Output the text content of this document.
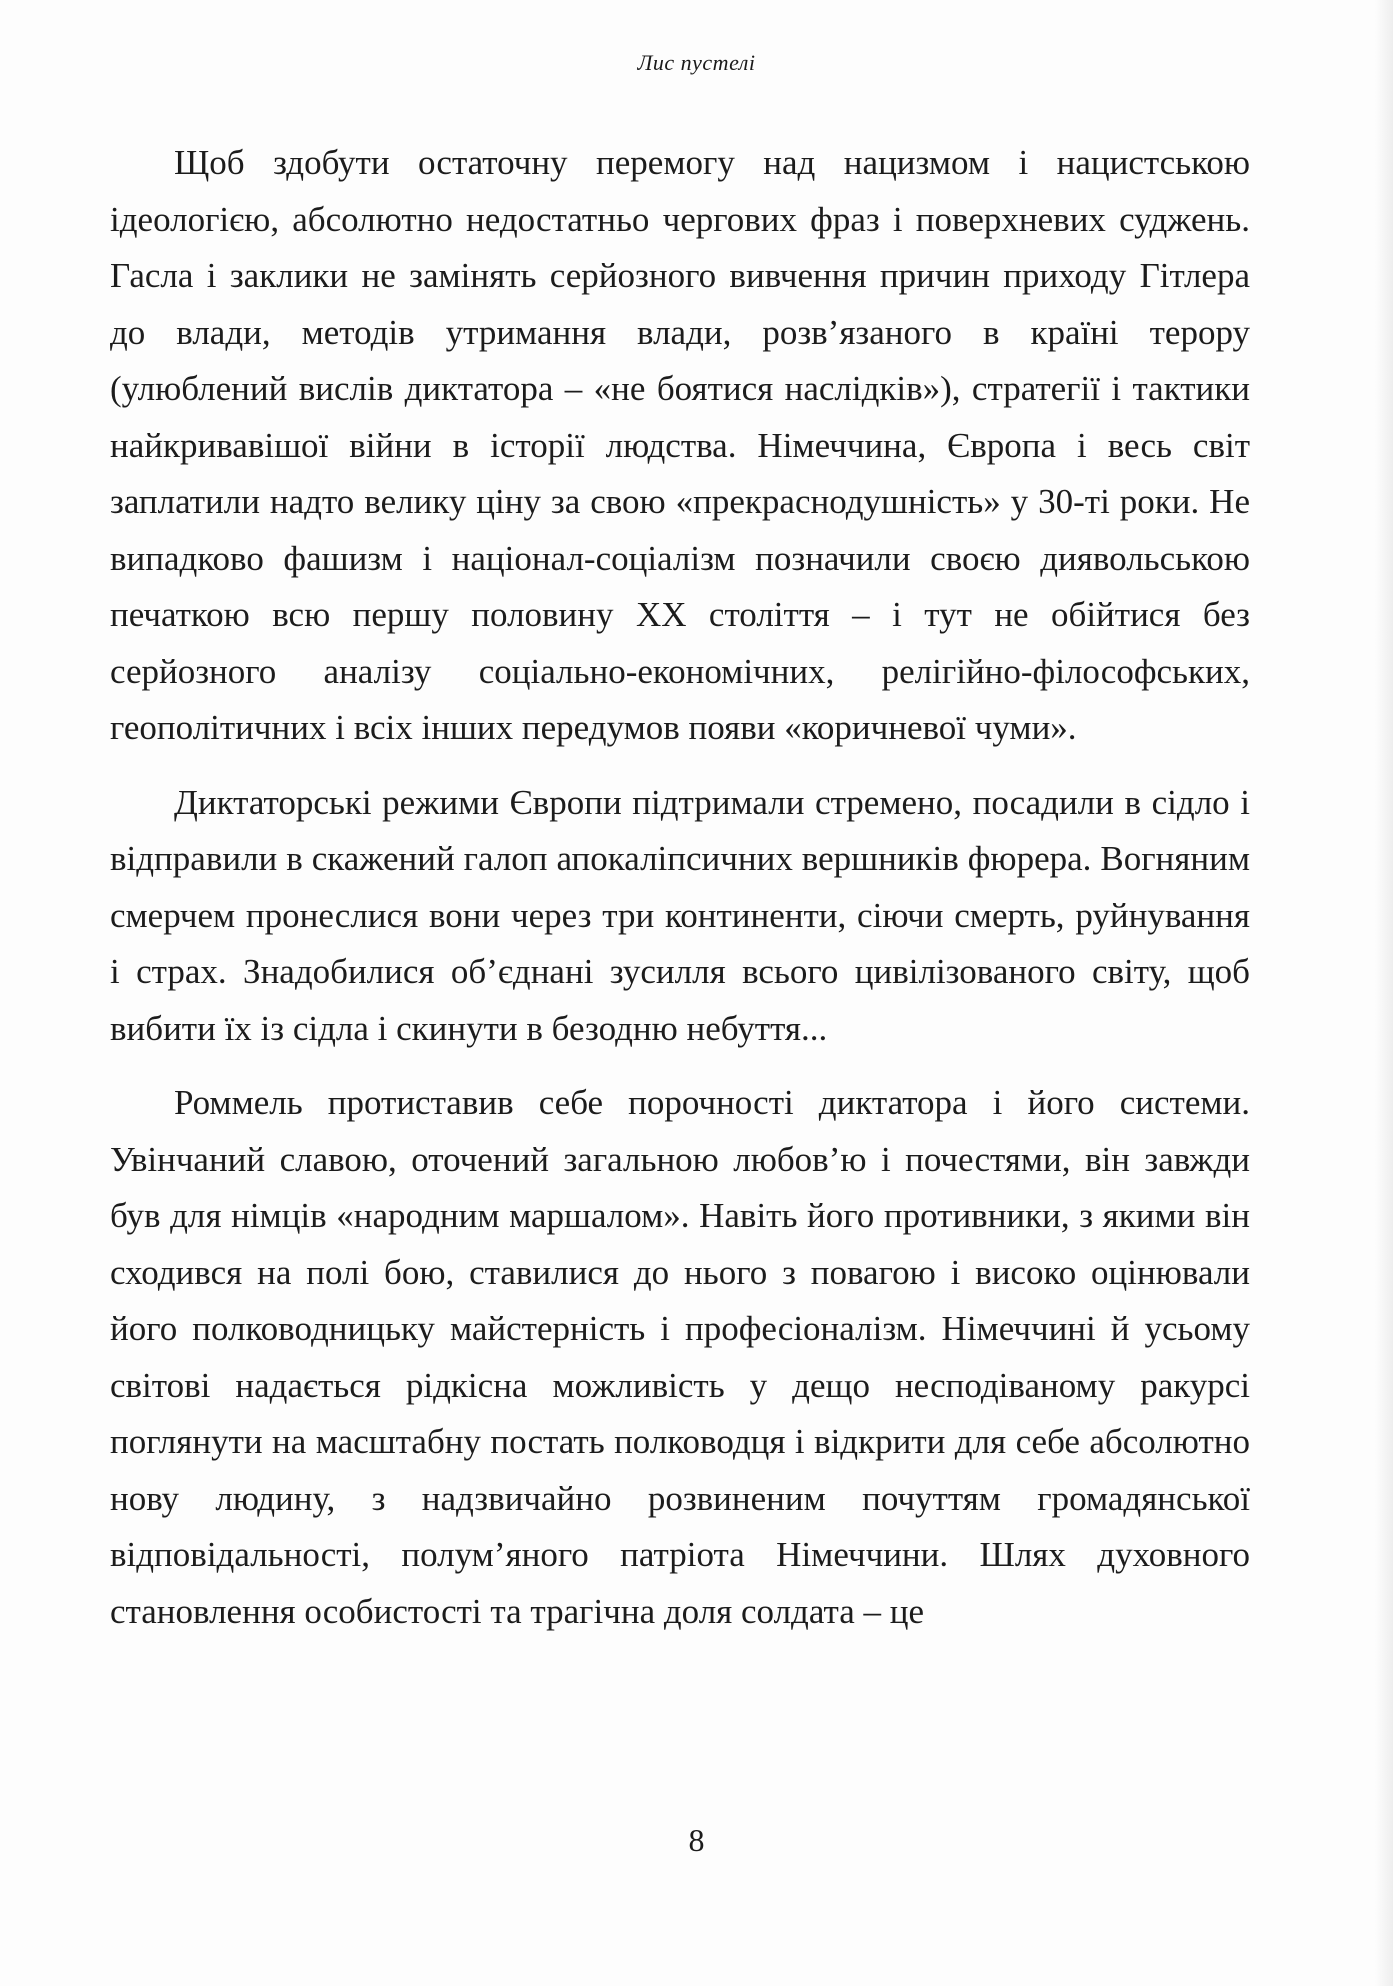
Лис пустелі

Щоб здобути остаточну перемогу над нацизмом і нацистською ідеологією, абсолютно недостатньо чергових фраз і поверхневих суджень. Гасла і заклики не замінять серйозного вивчення причин приходу Гітлера до влади, методів утримання влади, розв’язаного в країні терору (улюблений вислів диктатора – «не боятися наслідків»), стратегії і тактики найкривавішої війни в історії людства. Німеччина, Європа і весь світ заплатили надто велику ціну за свою «прекраснодушність» у 30-ті роки. Не випадково фашизм і націонал-соціалізм позначили своєю диявольською печаткою всю першу половину XX століття – і тут не обійтися без серйозного аналізу соціально-економічних, релігійно-філософських, геополітичних і всіх інших передумов появи «коричневої чуми».

Диктаторські режими Європи підтримали стремено, посадили в сідло і відправили в скажений галоп апокаліпсичних вершників фюрера. Вогняним смерчем пронеслися вони через три континенти, сіючи смерть, руйнування і страх. Знадобилися об’єднані зусилля всього цивілізованого світу, щоб вибити їх із сідла і скинути в безодню небуття...

Роммель протиставив себе порочності диктатора і його системи. Увінчаний славою, оточений загальною любов’ю і почестями, він завжди був для німців «народним маршалом». Навіть його противники, з якими він сходився на полі бою, ставилися до нього з повагою і високо оцінювали його полководницьку майстерність і професіоналізм. Німеччині й усьому світові надається рідкісна можливість у дещо несподіваному ракурсі поглянути на масштабну постать полководця і відкрити для себе абсолютно нову людину, з надзвичайно розвиненим почуттям громадянської відповідальності, полум’яного патріота Німеччини. Шлях духовного становлення особистості та трагічна доля солдата – це

8
